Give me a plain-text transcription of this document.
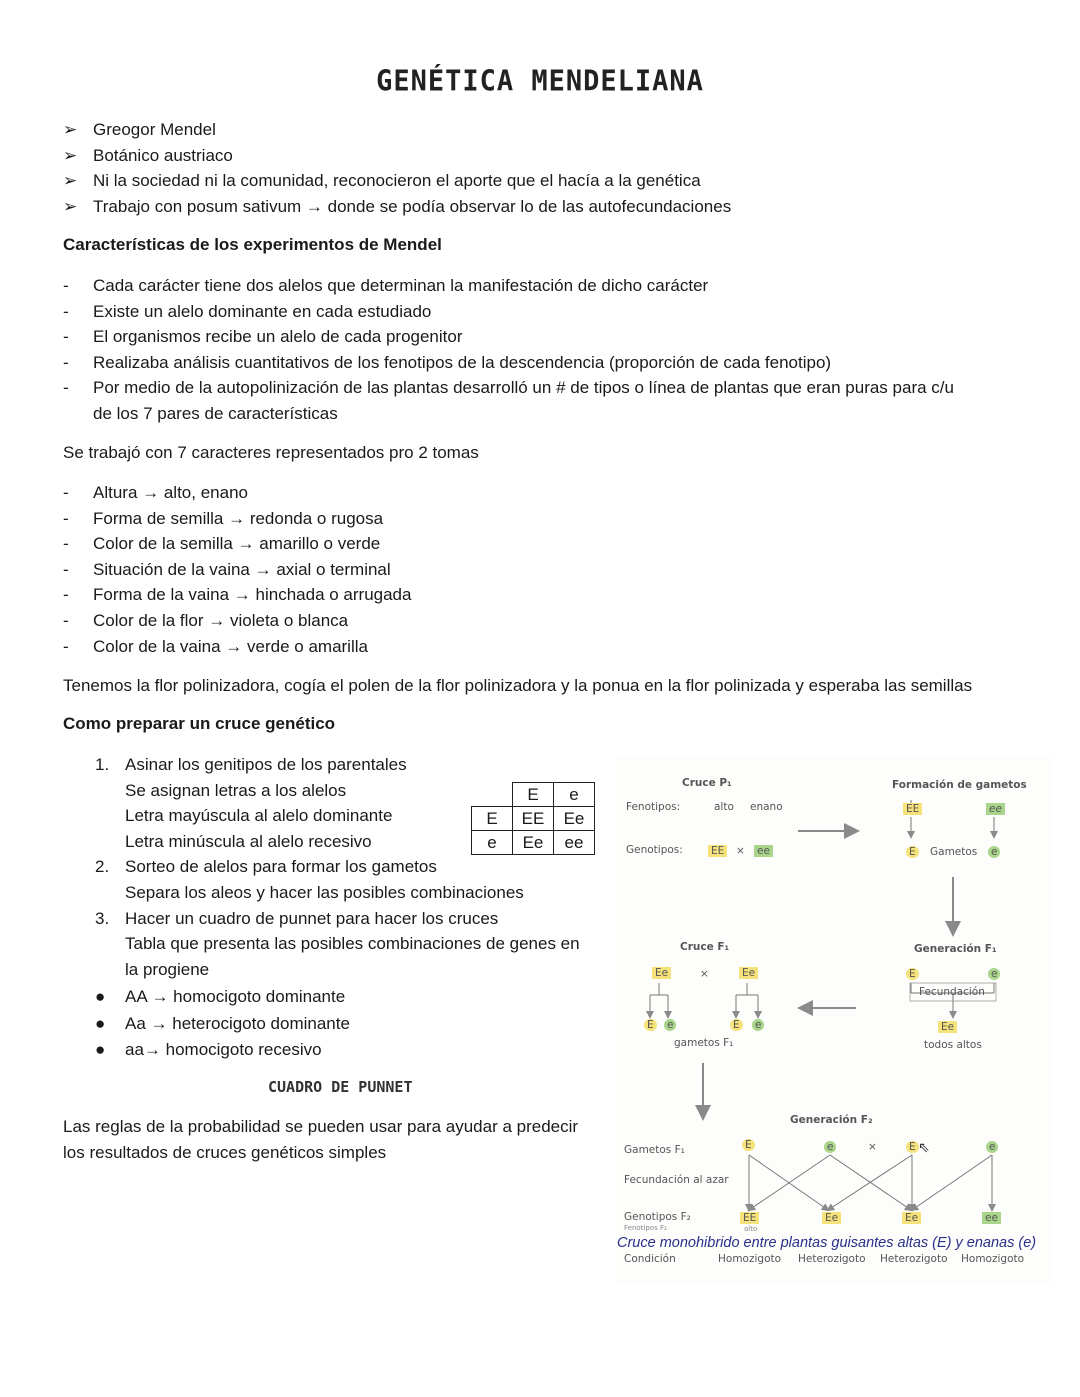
GENÉTICA MENDELIANA
➢ Greogor Mendel
➢ Botánico austriaco
➢ Ni la sociedad ni la comunidad, reconocieron el aporte que el hacía a la genética
➢ Trabajo con posum sativum → donde se podía observar lo de las autofecundaciones
Características de los experimentos de Mendel
- Cada carácter tiene dos alelos que determinan la manifestación de dicho carácter
- Existe un alelo dominante en cada estudiado
- El organismos recibe un alelo de cada progenitor
- Realizaba análisis cuantitativos de los fenotipos de la descendencia (proporción de cada fenotipo)
- Por medio de la autopolinización de las plantas desarrolló un # de tipos o línea de plantas que eran puras para c/u
de los 7 pares de características
Se trabajó con 7 caracteres representados pro 2 tomas
- Altura → alto, enano
- Forma de semilla → redonda o rugosa
- Color de la semilla → amarillo o verde
- Situación de la vaina → axial o terminal
- Forma de la vaina → hinchada o arrugada
- Color de la flor → violeta o blanca
- Color de la vaina → verde o amarilla
Tenemos la flor polinizadora, cogía el polen de la flor polinizadora y la ponua en la flor polinizada y esperaba las semillas
Como preparar un cruce genético
1. Asinar los genitipos de los parentales
Se asignan letras a los alelos
Letra mayúscula al alelo dominante
Letra minúscula al alelo recesivo
2. Sorteo de alelos para formar los gametos
Separa los aleos y hacer las posibles combinaciones
3. Hacer un cuadro de punnet para hacer los cruces
Tabla que presenta las posibles combinaciones de genes en
la progiene
● AA → homocigoto dominante
● Aa → heterocigoto dominante
● aa→ homocigoto recesivo
	E	e
E	EE	Ee
e	Ee	ee
CUADRO DE PUNNET
Las reglas de la probabilidad se pueden usar para ayudar a predecir
los resultados de cruces genéticos simples
Cruce P₁
Fenotipos:	alto enano
Genotipos:	EE × ee
Formación de gametos
EE	ee
E Gametos e
Cruce F₁
Ee	×	Ee
E e	E e
gametos F₁
Generación F₁
E	e
Fecundación
Ee
todos altos
Generación F₂
Gametos F₁	E	e	×	E	e
Fecundación al azar
Genotipos F₂
Fenotipos F₂
EE
alto
Ee	Ee	ee
Cruce monohibrido entre plantas guisantes altas (E) y enanas (e)
Condición	Homozigoto Heterozigoto Heterozigoto Homozigoto
⇖
